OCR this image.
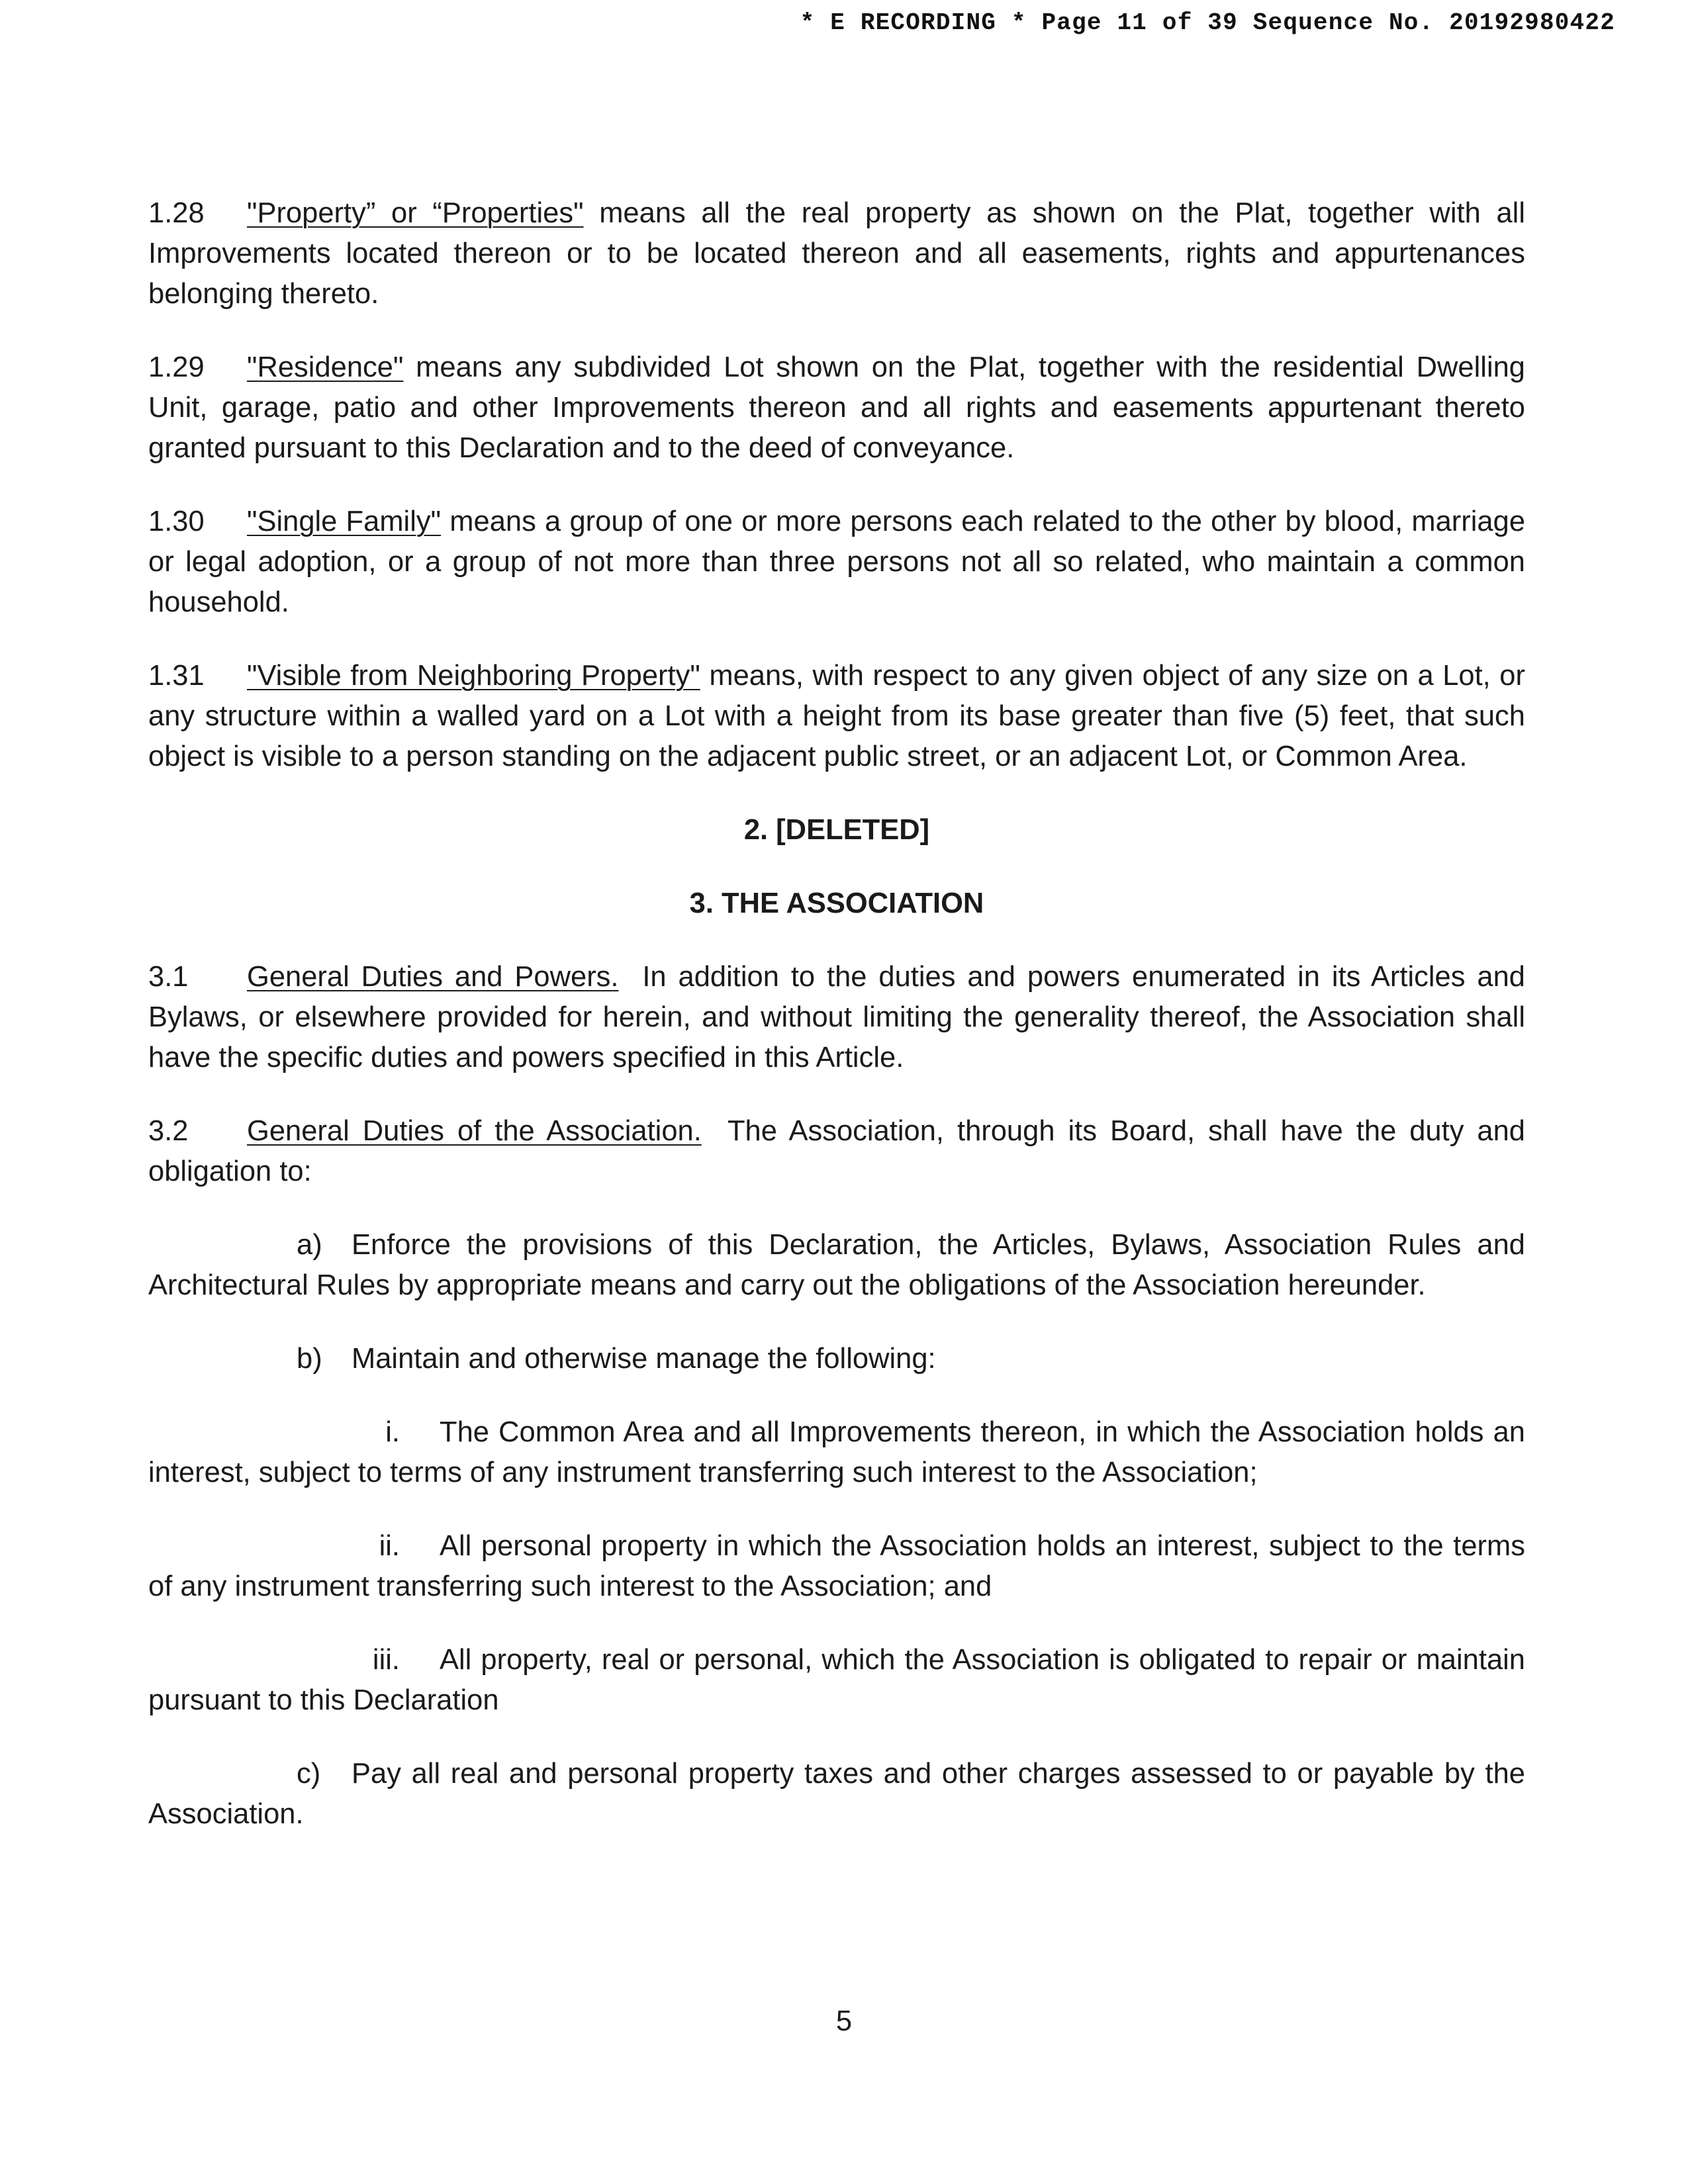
* E RECORDING * Page 11 of 39 Sequence No. 20192980422

1.28 "Property” or “Properties" means all the real property as shown on the Plat, together with all Improvements located thereon or to be located thereon and all easements, rights and appurtenances belonging thereto.

1.29 "Residence" means any subdivided Lot shown on the Plat, together with the residential Dwelling Unit, garage, patio and other Improvements thereon and all rights and easements appurtenant thereto granted pursuant to this Declaration and to the deed of conveyance.

1.30 "Single Family" means a group of one or more persons each related to the other by blood, marriage or legal adoption, or a group of not more than three persons not all so related, who maintain a common household.

1.31 "Visible from Neighboring Property" means, with respect to any given object of any size on a Lot, or any structure within a walled yard on a Lot with a height from its base greater than five (5) feet, that such object is visible to a person standing on the adjacent public street, or an adjacent Lot, or Common Area.

2. [DELETED]

3. THE ASSOCIATION

3.1 General Duties and Powers.  In addition to the duties and powers enumerated in its Articles and Bylaws, or elsewhere provided for herein, and without limiting the generality thereof, the Association shall have the specific duties and powers specified in this Article.

3.2 General Duties of the Association.  The Association, through its Board, shall have the duty and obligation to:

a) Enforce the provisions of this Declaration, the Articles, Bylaws, Association Rules and Architectural Rules by appropriate means and carry out the obligations of the Association hereunder.

b) Maintain and otherwise manage the following:

i. The Common Area and all Improvements thereon, in which the Association holds an interest, subject to terms of any instrument transferring such interest to the Association;

ii. All personal property in which the Association holds an interest, subject to the terms of any instrument transferring such interest to the Association; and

iii. All property, real or personal, which the Association is obligated to repair or maintain pursuant to this Declaration

c) Pay all real and personal property taxes and other charges assessed to or payable by the Association.

5
